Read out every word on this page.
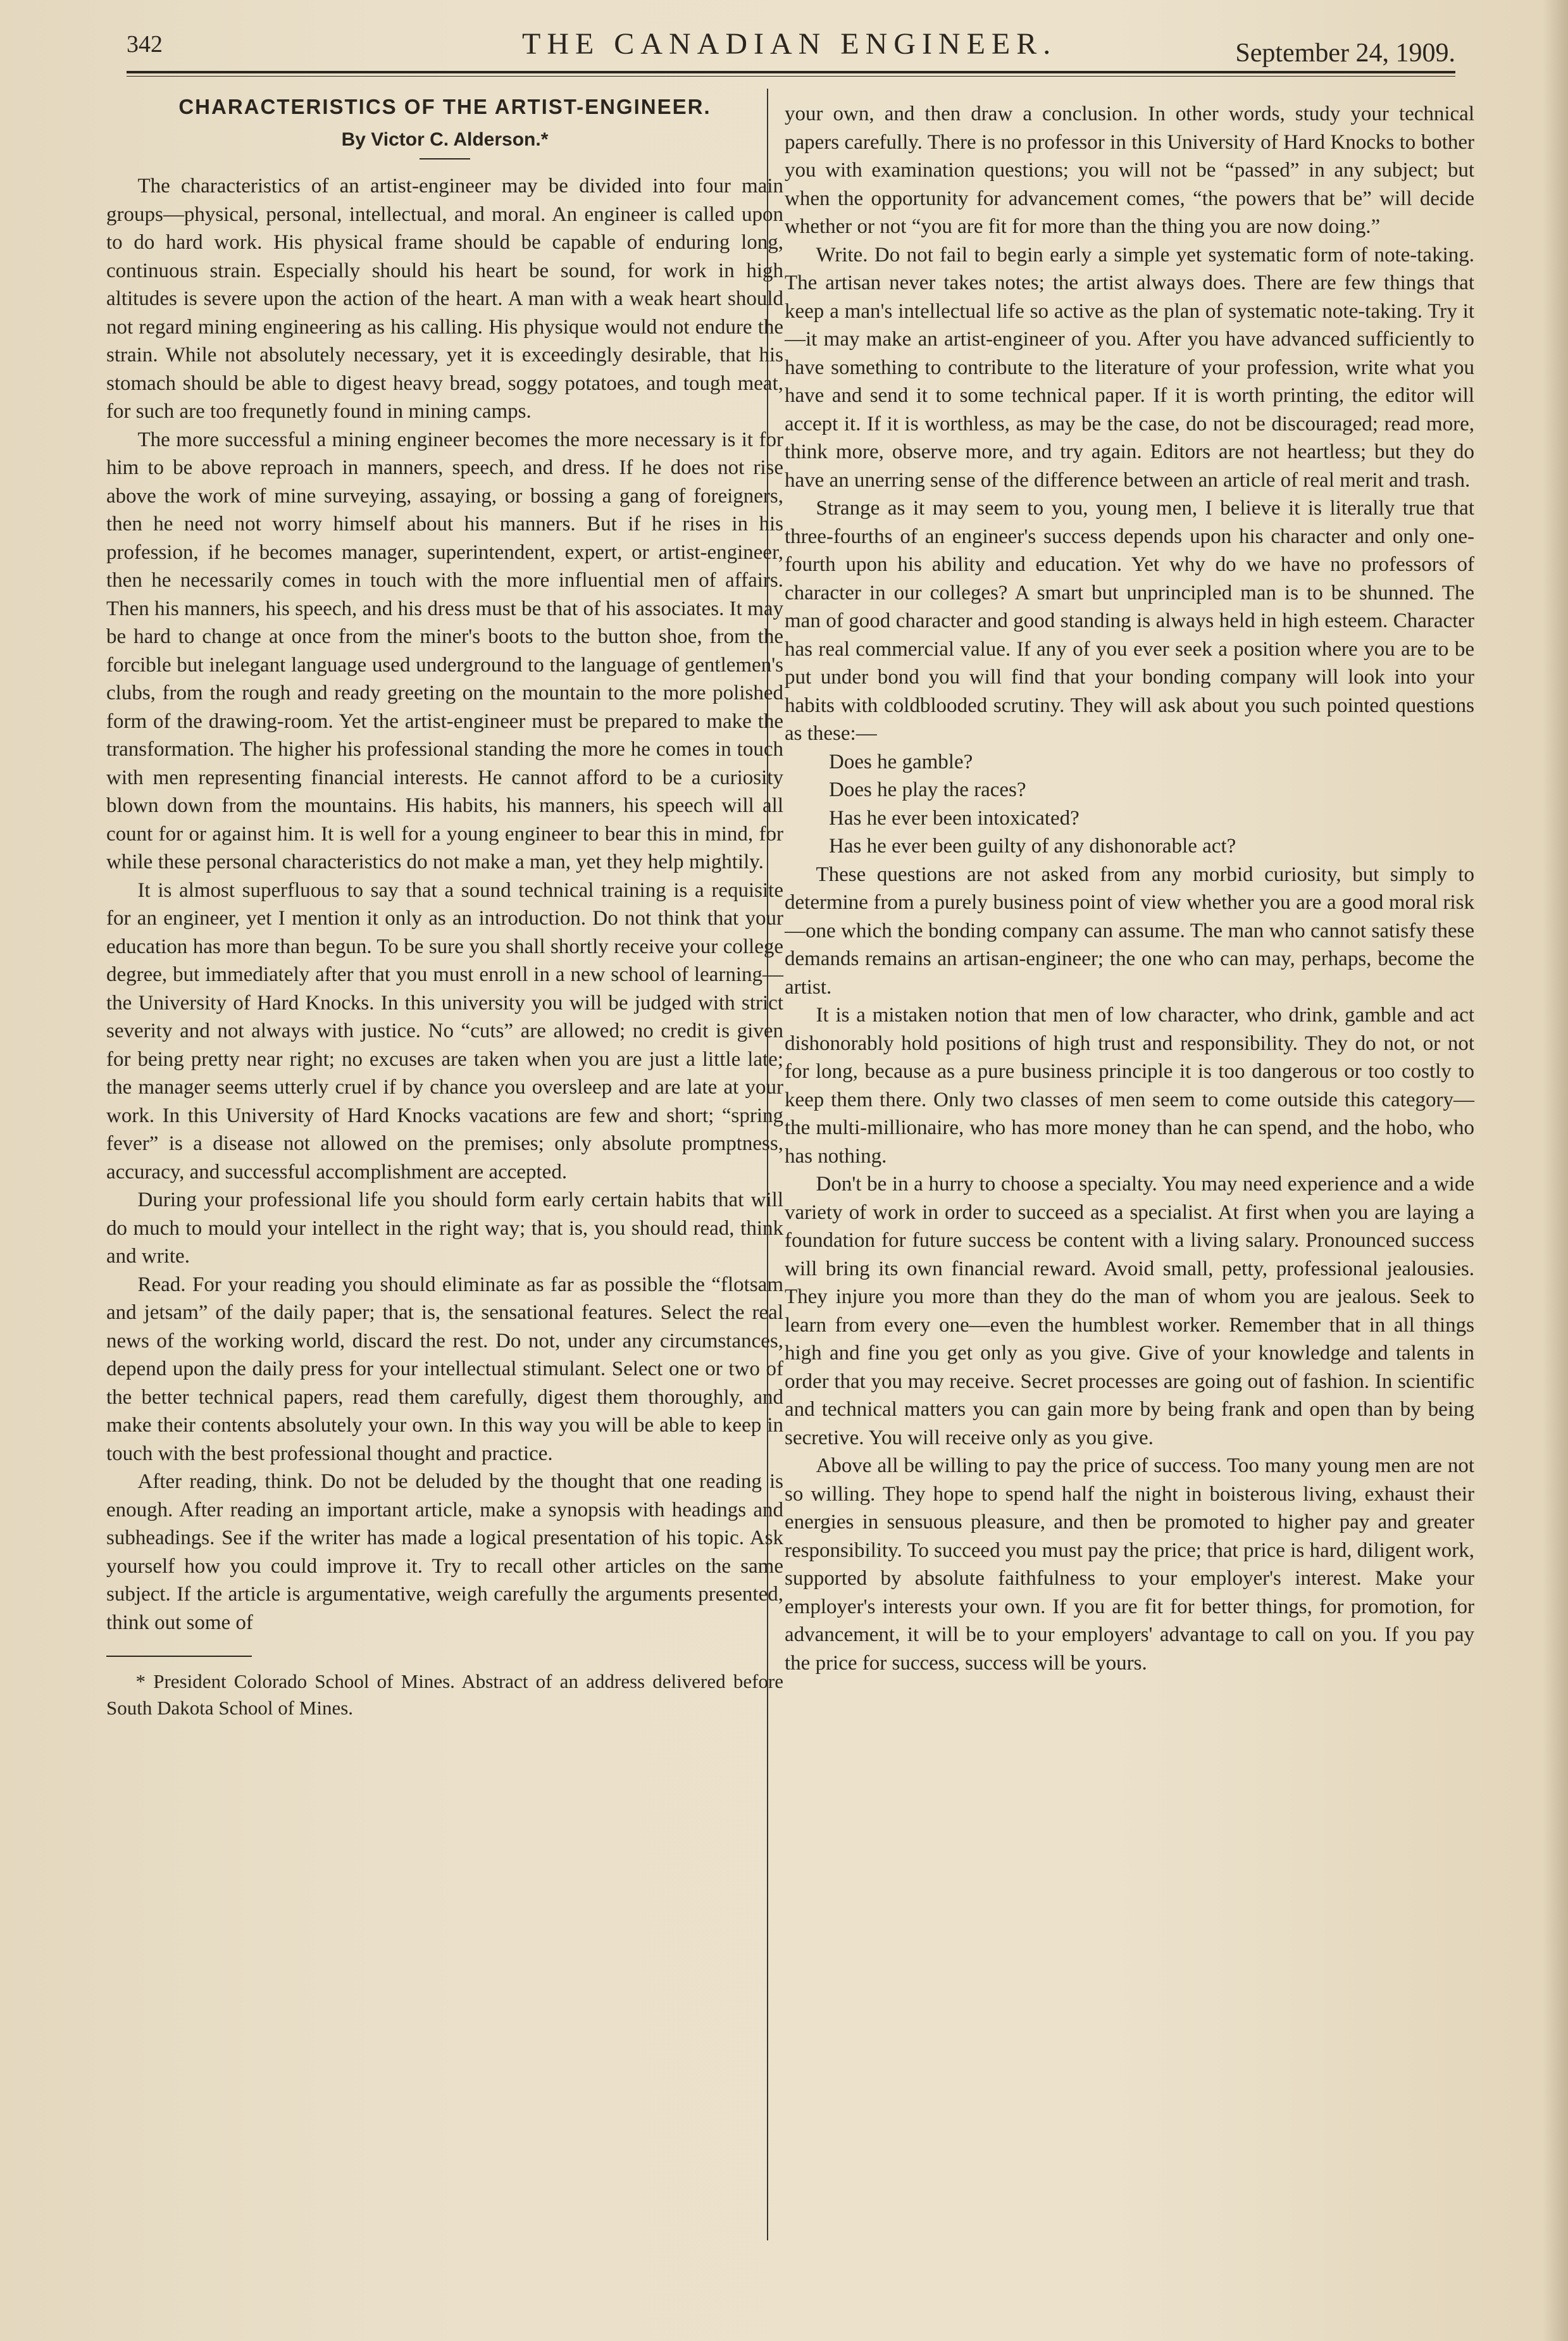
342	THE CANADIAN ENGINEER.	September 24, 1909.
CHARACTERISTICS OF THE ARTIST-ENGINEER.
By Victor C. Alderson.*

The characteristics of an artist-engineer may be divided into four main groups—physical, personal, intellectual, and moral. An engineer is called upon to do hard work. His physical frame should be capable of enduring long, continuous strain. Especially should his heart be sound, for work in high altitudes is severe upon the action of the heart. A man with a weak heart should not regard mining engineering as his calling. His physique would not endure the strain. While not absolutely necessary, yet it is exceedingly desirable, that his stomach should be able to digest heavy bread, soggy potatoes, and tough meat, for such are too frequnetly found in mining camps.

The more successful a mining engineer becomes the more necessary is it for him to be above reproach in manners, speech, and dress. If he does not rise above the work of mine surveying, assaying, or bossing a gang of foreigners, then he need not worry himself about his manners. But if he rises in his profession, if he becomes manager, superintendent, expert, or artist-engineer, then he necessarily comes in touch with the more influential men of affairs. Then his manners, his speech, and his dress must be that of his associates. It may be hard to change at once from the miner's boots to the button shoe, from the forcible but inelegant language used underground to the language of gentlemen's clubs, from the rough and ready greeting on the mountain to the more polished form of the drawing-room. Yet the artist-engineer must be prepared to make the transformation. The higher his professional standing the more he comes in touch with men representing financial interests. He cannot afford to be a curiosity blown down from the mountains. His habits, his manners, his speech will all count for or against him. It is well for a young engineer to bear this in mind, for while these personal characteristics do not make a man, yet they help mightily.

It is almost superfluous to say that a sound technical training is a requisite for an engineer, yet I mention it only as an introduction. Do not think that your education has more than begun. To be sure you shall shortly receive your college degree, but immediately after that you must enroll in a new school of learning—the University of Hard Knocks. In this university you will be judged with strict severity and not always with justice. No “cuts” are allowed; no credit is given for being pretty near right; no excuses are taken when you are just a little late; the manager seems utterly cruel if by chance you oversleep and are late at your work. In this University of Hard Knocks vacations are few and short; “spring fever” is a disease not allowed on the premises; only absolute promptness, accuracy, and successful accomplishment are accepted.

During your professional life you should form early certain habits that will do much to mould your intellect in the right way; that is, you should read, think and write.

Read. For your reading you should eliminate as far as possible the “flotsam and jetsam” of the daily paper; that is, the sensational features. Select the real news of the working world, discard the rest. Do not, under any circumstances, depend upon the daily press for your intellectual stimulant. Select one or two of the better technical papers, read them carefully, digest them thoroughly, and make their contents absolutely your own. In this way you will be able to keep in touch with the best professional thought and practice.

After reading, think. Do not be deluded by the thought that one reading is enough. After reading an important article, make a synopsis with headings and subheadings. See if the writer has made a logical presentation of his topic. Ask yourself how you could improve it. Try to recall other articles on the same subject. If the article is argumentative, weigh carefully the arguments presented, think out some of

* President Colorado School of Mines. Abstract of an address delivered before South Dakota School of Mines.

your own, and then draw a conclusion. In other words, study your technical papers carefully. There is no professor in this University of Hard Knocks to bother you with examination questions; you will not be “passed” in any subject; but when the opportunity for advancement comes, “the powers that be” will decide whether or not “you are fit for more than the thing you are now doing.”

Write. Do not fail to begin early a simple yet systematic form of note-taking. The artisan never takes notes; the artist always does. There are few things that keep a man's intellectual life so active as the plan of systematic note-taking. Try it—it may make an artist-engineer of you. After you have advanced sufficiently to have something to contribute to the literature of your profession, write what you have and send it to some technical paper. If it is worth printing, the editor will accept it. If it is worthless, as may be the case, do not be discouraged; read more, think more, observe more, and try again. Editors are not heartless; but they do have an unerring sense of the difference between an article of real merit and trash.

Strange as it may seem to you, young men, I believe it is literally true that three-fourths of an engineer's success depends upon his character and only one-fourth upon his ability and education. Yet why do we have no professors of character in our colleges? A smart but unprincipled man is to be shunned. The man of good character and good standing is always held in high esteem. Character has real commercial value. If any of you ever seek a position where you are to be put under bond you will find that your bonding company will look into your habits with coldblooded scrutiny. They will ask about you such pointed questions as these:—

Does he gamble?
Does he play the races?
Has he ever been intoxicated?
Has he ever been guilty of any dishonorable act?

These questions are not asked from any morbid curiosity, but simply to determine from a purely business point of view whether you are a good moral risk—one which the bonding company can assume. The man who cannot satisfy these demands remains an artisan-engineer; the one who can may, perhaps, become the artist.

It is a mistaken notion that men of low character, who drink, gamble and act dishonorably hold positions of high trust and responsibility. They do not, or not for long, because as a pure business principle it is too dangerous or too costly to keep them there. Only two classes of men seem to come outside this category—the multi-millionaire, who has more money than he can spend, and the hobo, who has nothing.

Don't be in a hurry to choose a specialty. You may need experience and a wide variety of work in order to succeed as a specialist. At first when you are laying a foundation for future success be content with a living salary. Pronounced success will bring its own financial reward. Avoid small, petty, professional jealousies. They injure you more than they do the man of whom you are jealous. Seek to learn from every one—even the humblest worker. Remember that in all things high and fine you get only as you give. Give of your knowledge and talents in order that you may receive. Secret processes are going out of fashion. In scientific and technical matters you can gain more by being frank and open than by being secretive. You will receive only as you give.

Above all be willing to pay the price of success. Too many young men are not so willing. They hope to spend half the night in boisterous living, exhaust their energies in sensuous pleasure, and then be promoted to higher pay and greater responsibility. To succeed you must pay the price; that price is hard, diligent work, supported by absolute faithfulness to your employer's interest. Make your employer's interests your own. If you are fit for better things, for promotion, for advancement, it will be to your employers' advantage to call on you. If you pay the price for success, success will be yours.
